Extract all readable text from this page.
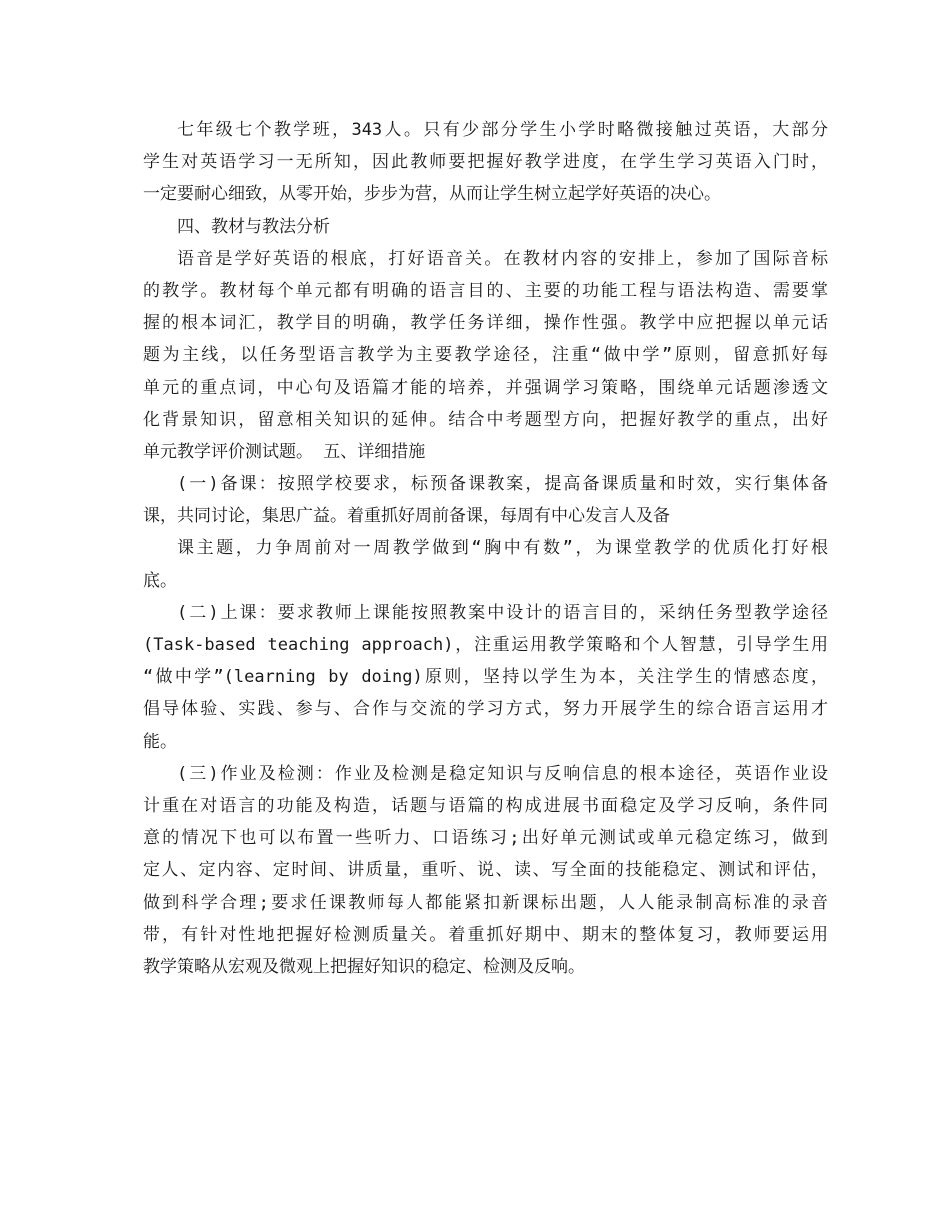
七年级七个教学班，343人。只有少部分学生小学时略微接触过英语，大部分
学生对英语学习一无所知，因此教师要把握好教学进度，在学生学习英语入门时，
一定要耐心细致，从零开始，步步为营，从而让学生树立起学好英语的决心。
四、教材与教法分析
语音是学好英语的根底，打好语音关。在教材内容的安排上，参加了国际音标
的教学。教材每个单元都有明确的语言目的、主要的功能工程与语法构造、需要掌
握的根本词汇，教学目的明确，教学任务详细，操作性强。教学中应把握以单元话
题为主线，以任务型语言教学为主要教学途径，注重“做中学”原则，留意抓好每
单元的重点词，中心句及语篇才能的培养，并强调学习策略，围绕单元话题渗透文
化背景知识，留意相关知识的延伸。结合中考题型方向，把握好教学的重点，出好
单元教学评价测试题。 五、详细措施
(一)备课：按照学校要求，标预备课教案，提高备课质量和时效，实行集体备
课，共同讨论，集思广益。着重抓好周前备课，每周有中心发言人及备
课主题，力争周前对一周教学做到“胸中有数”，为课堂教学的优质化打好根
底。
(二)上课：要求教师上课能按照教案中设计的语言目的，采纳任务型教学途径
(Task-based teaching approach)，注重运用教学策略和个人智慧，引导学生用
“做中学”(learning by doing)原则，坚持以学生为本，关注学生的情感态度，
倡导体验、实践、参与、合作与交流的学习方式，努力开展学生的综合语言运用才
能。
(三)作业及检测：作业及检测是稳定知识与反响信息的根本途径，英语作业设
计重在对语言的功能及构造，话题与语篇的构成进展书面稳定及学习反响，条件同
意的情况下也可以布置一些听力、口语练习;出好单元测试或单元稳定练习，做到
定人、定内容、定时间、讲质量，重听、说、读、写全面的技能稳定、测试和评估，
做到科学合理;要求任课教师每人都能紧扣新课标出题，人人能录制高标准的录音
带，有针对性地把握好检测质量关。着重抓好期中、期末的整体复习，教师要运用
教学策略从宏观及微观上把握好知识的稳定、检测及反响。
